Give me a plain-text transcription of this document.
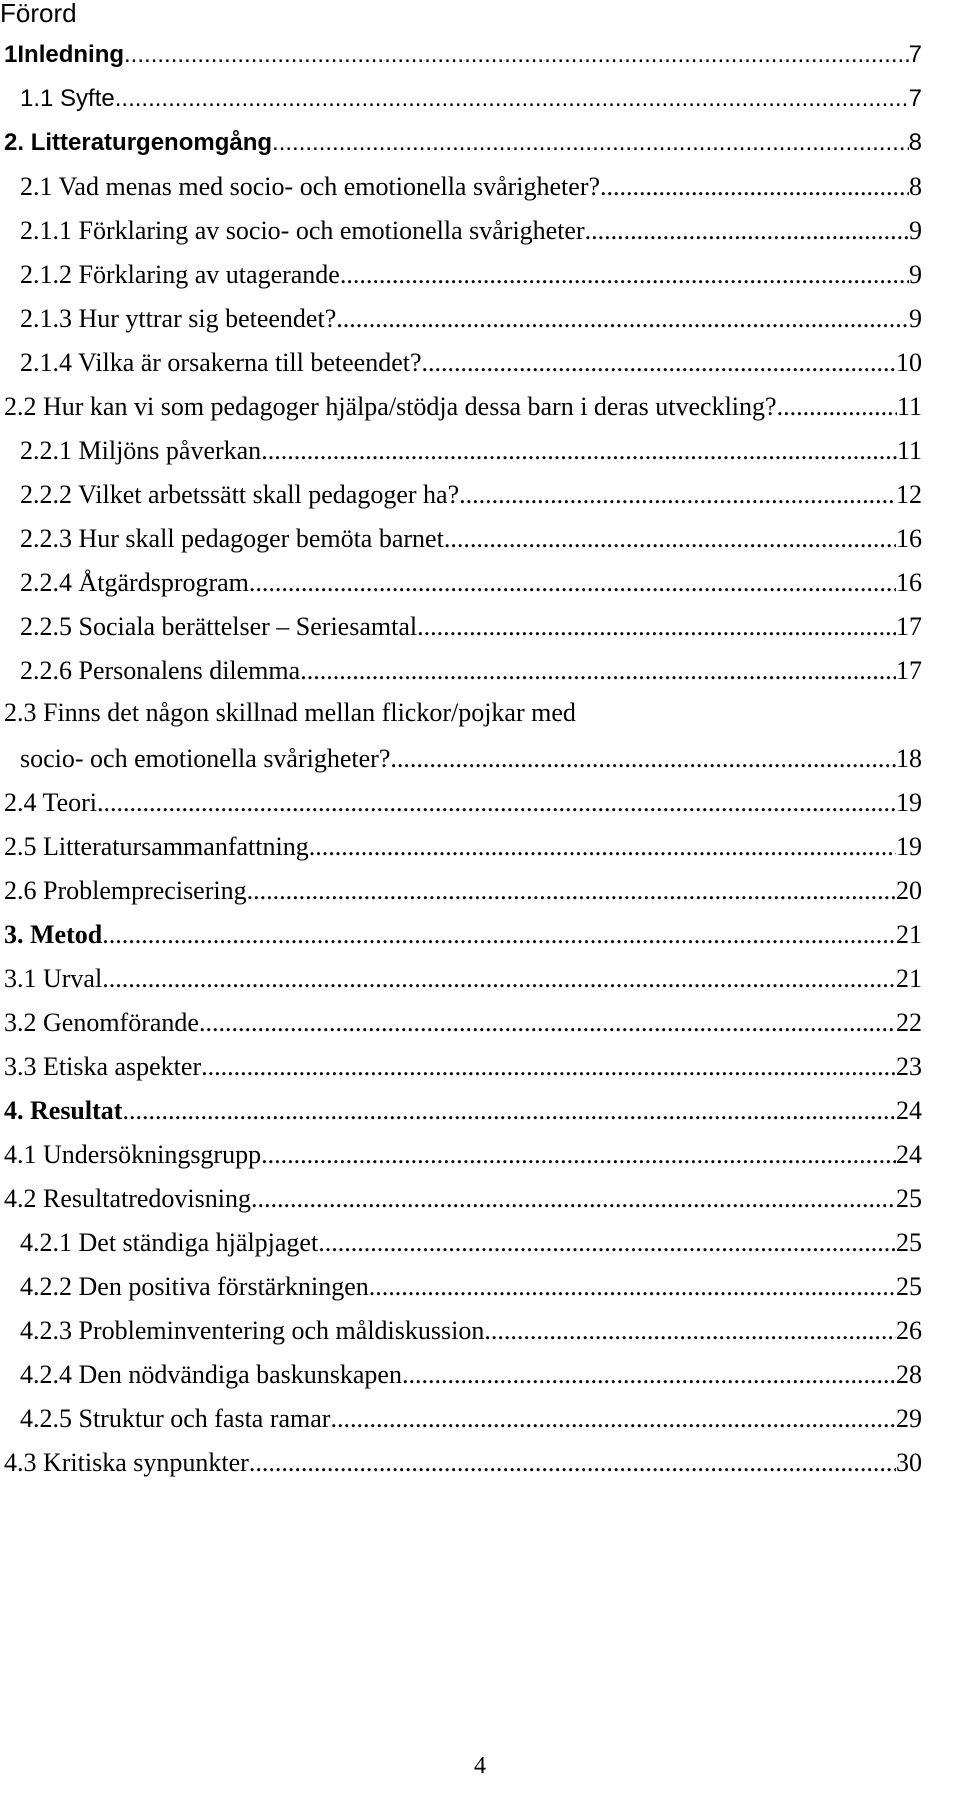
Förord
1Inledning .....	7
1.1 Syfte .....	7
2. Litteraturgenomgång .....	8
2.1 Vad menas med socio- och emotionella svårigheter? .....	8
2.1.1 Förklaring av socio- och emotionella svårigheter .....	9
2.1.2 Förklaring av utagerande .....	9
2.1.3 Hur yttrar sig beteendet? .....	9
2.1.4 Vilka är orsakerna till beteendet? .....	10
2.2 Hur kan vi som pedagoger hjälpa/stödja dessa barn i deras utveckling? .....	11
2.2.1 Miljöns påverkan .....	11
2.2.2 Vilket arbetssätt skall pedagoger ha? .....	12
2.2.3 Hur skall pedagoger bemöta barnet .....	16
2.2.4 Åtgärdsprogram .....	16
2.2.5 Sociala berättelser – Seriesamtal .....	17
2.2.6 Personalens dilemma .....	17
2.3 Finns det någon skillnad mellan flickor/pojkar med
socio- och emotionella svårigheter? .....	18
2.4 Teori .....	19
2.5 Litteratursammanfattning .....	19
2.6 Problemprecisering .....	20
3. Metod .....	21
3.1 Urval .....	21
3.2 Genomförande .....	22
3.3 Etiska aspekter .....	23
4. Resultat .....	24
4.1 Undersökningsgrupp .....	24
4.2 Resultatredovisning .....	25
4.2.1 Det ständiga hjälpjaget .....	25
4.2.2 Den positiva förstärkningen .....	25
4.2.3 Probleminventering och måldiskussion .....	26
4.2.4 Den nödvändiga baskunskapen .....	28
4.2.5 Struktur och fasta ramar .....	29
4.3 Kritiska synpunkter .....	30
4
